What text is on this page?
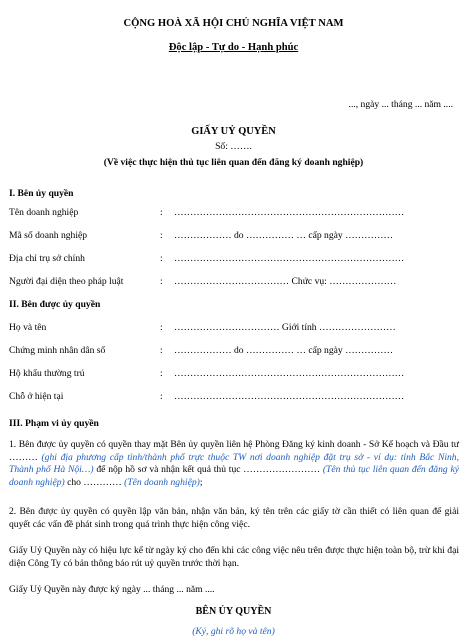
CỘNG HOÀ XÃ HỘI CHỦ NGHĨA VIỆT NAM
Độc lập - Tự do - Hạnh phúc
..., ngày ... tháng ... năm ....
GIẤY UỶ QUYỀN
Số: …….
(Về việc thực hiện thủ tục liên quan đến đăng ký doanh nghiệp)
I. Bên ủy quyền
Tên doanh nghiệp	: ………………………………………………………………
Mã số doanh nghiệp	: ……………… do …………… … cấp ngày ……………
Địa chỉ trụ sở chính	: ………………………………………………………………
Người đại diện theo pháp luật	: ……………………………… Chức vụ: …………………
II. Bên được ủy quyền
Họ và tên	: …………………………… Giới tính ……………………
Chứng minh nhân dân số	: ……………… do …………… … cấp ngày ……………
Hộ khẩu thường trú	: ………………………………………………………………
Chỗ ở hiện tại	: ………………………………………………………………
III. Phạm vi ủy quyền
1. Bên được ủy quyền có quyền thay mặt Bên ủy quyền liên hệ Phòng Đăng ký kinh doanh - Sở Kế hoạch và Đầu tư ……… (ghi địa phương cấp tỉnh/thành phố trực thuộc TW nơi doanh nghiệp đặt trụ sở - ví dụ: tỉnh Bắc Ninh, Thành phố Hà Nội…) để nộp hồ sơ và nhận kết quả thủ tục …………………… (Tên thủ tục liên quan đến đăng ký doanh nghiệp) cho ………… (Tên doanh nghiệp);
2. Bên được ủy quyền có quyền lập văn bản, nhận văn bản, ký tên trên các giấy tờ cần thiết có liên quan để giải quyết các vấn đề phát sinh trong quá trình thực hiện công việc.
Giấy Uỷ Quyền này có hiệu lực kể từ ngày ký cho đến khi các công việc nêu trên được thực hiện toàn bộ, trừ khi đại diện Công Ty có bản thông báo rút uỷ quyền trước thời hạn.
Giấy Uỷ Quyền này được ký ngày ... tháng ... năm ....
BÊN ỦY QUYỀN
(Ký, ghi rõ họ và tên)
